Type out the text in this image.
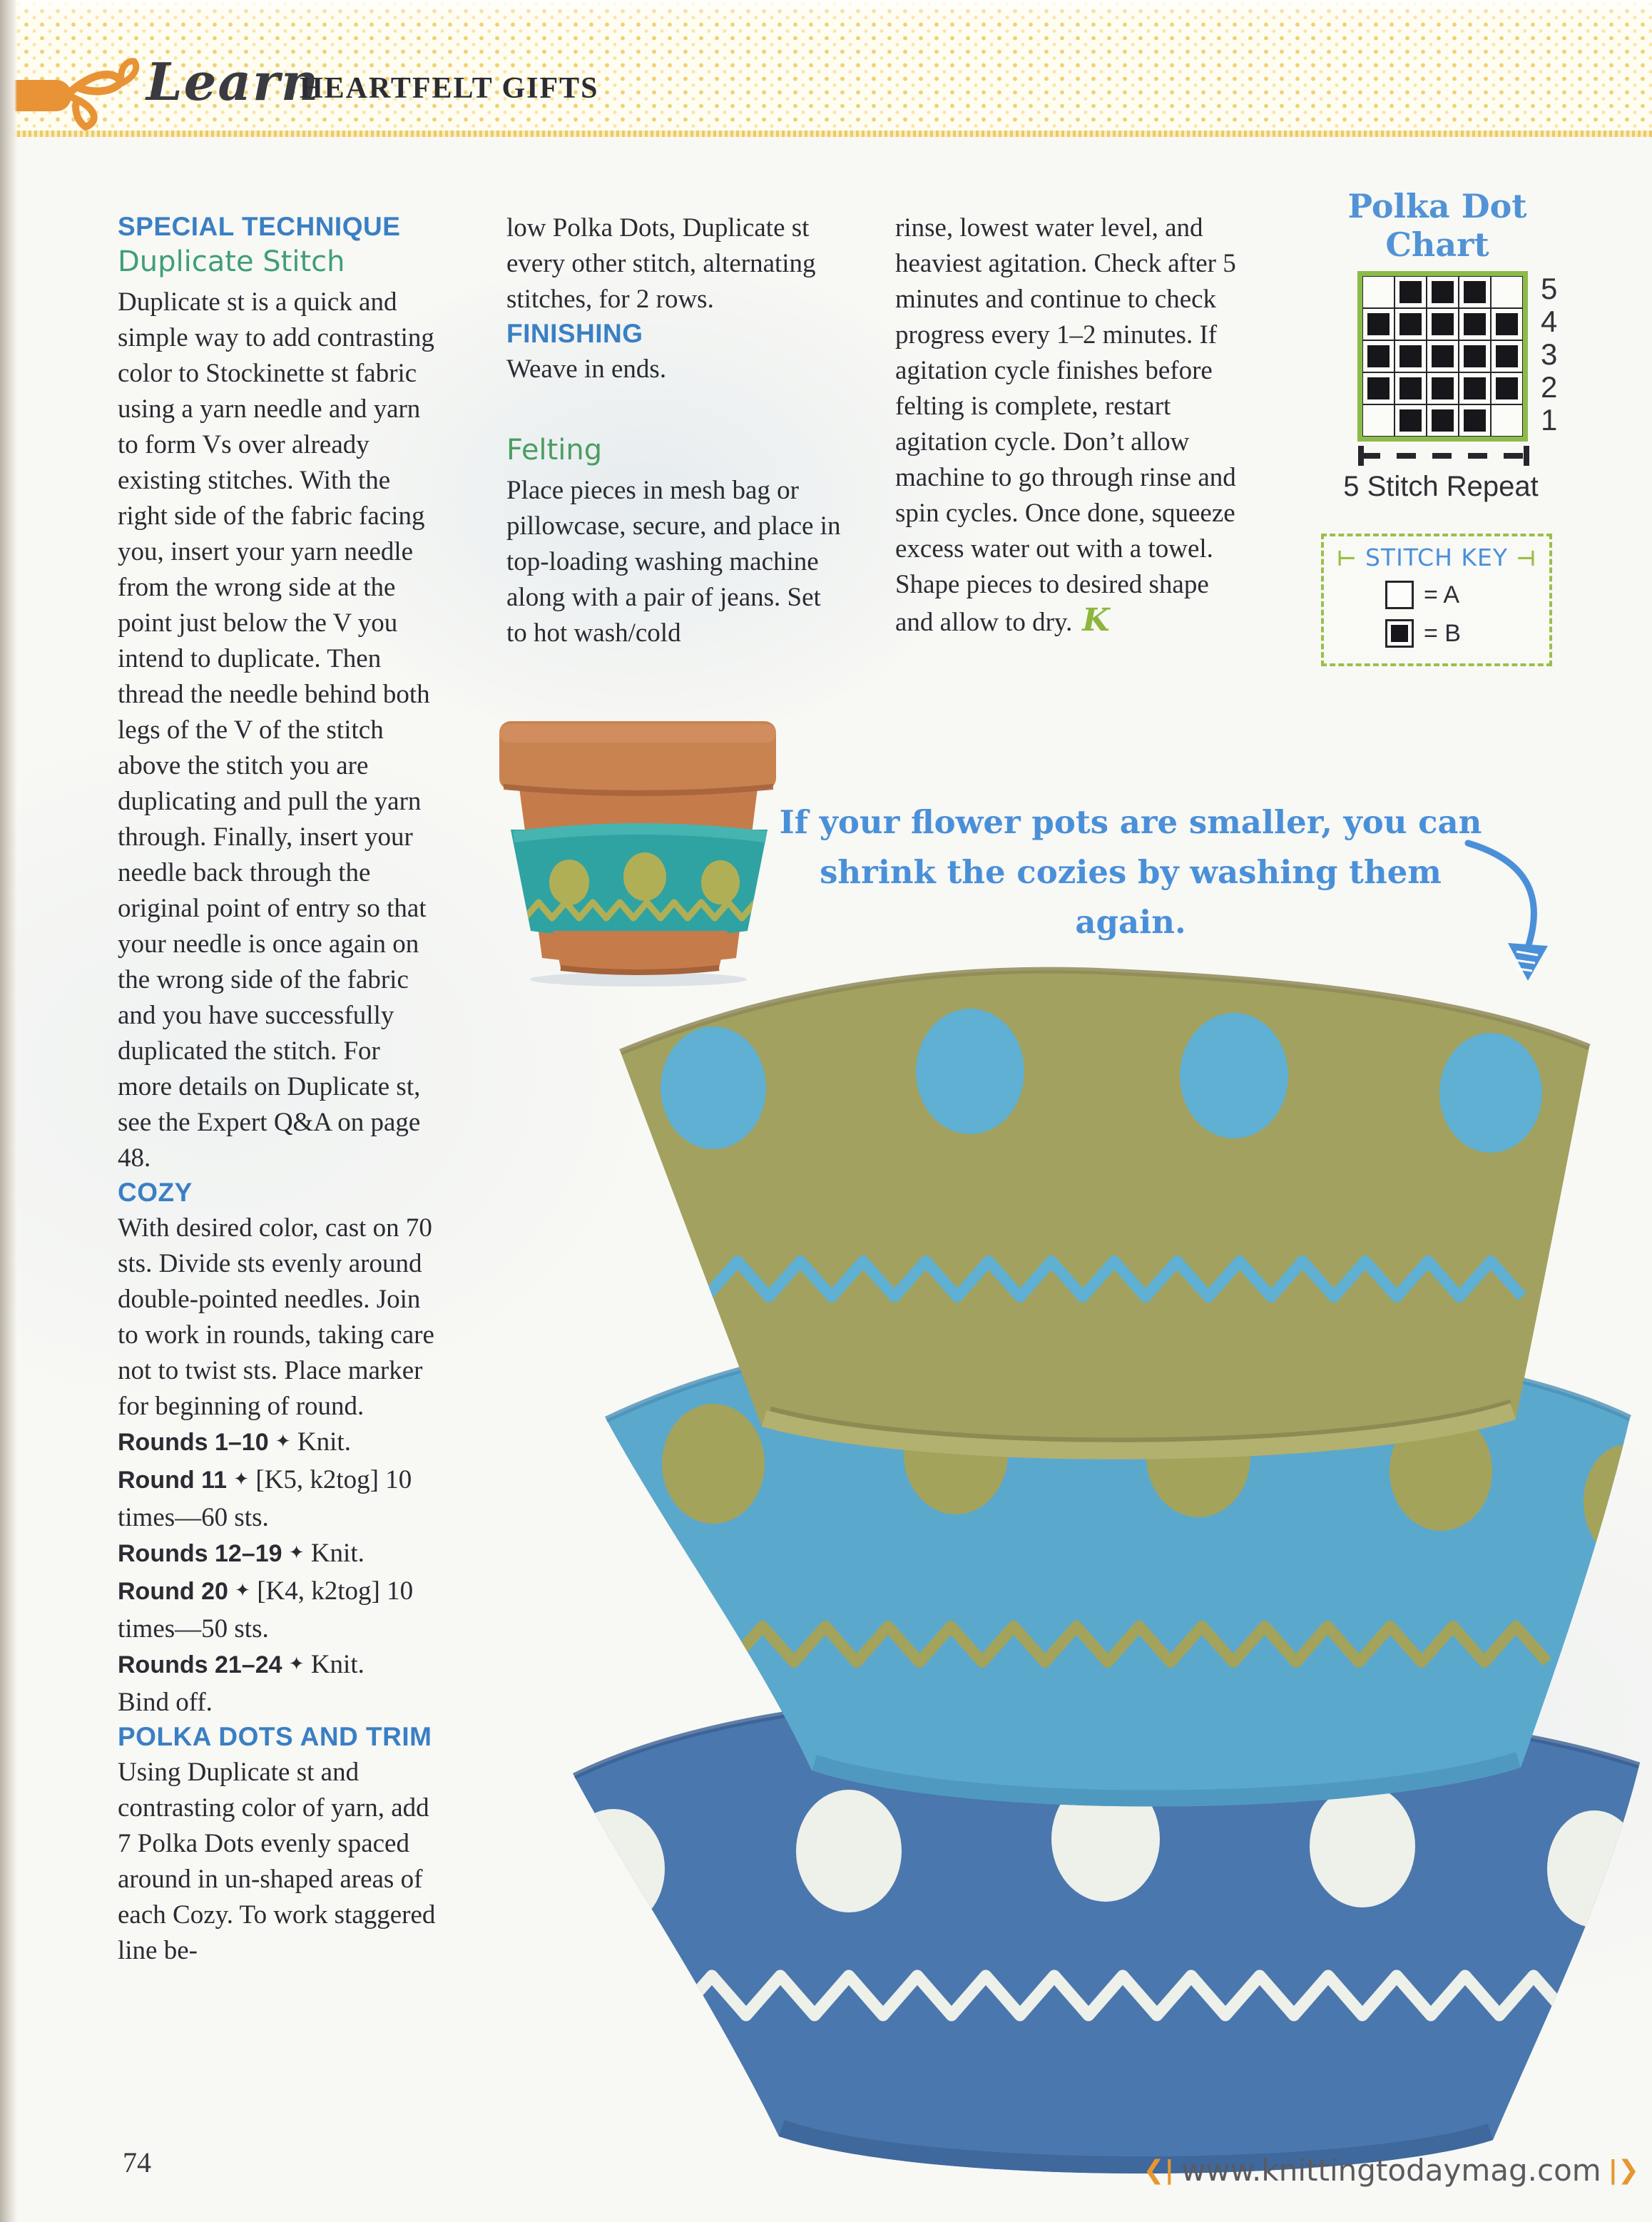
Learn
HEARTFELT GIFTS

SPECIAL TECHNIQUE

Duplicate Stitch

Duplicate st is a quick and simple way to add contrasting color to Stockinette st fabric using a yarn needle and yarn to form Vs over already existing stitches. With the right side of the fabric facing you, insert your yarn needle from the wrong side at the point just below the V you intend to duplicate. Then thread the needle behind both legs of the V of the stitch above the stitch you are duplicating and pull the yarn through. Finally, insert your needle back through the original point of entry so that your needle is once again on the wrong side of the fabric and you have successfully duplicated the stitch. For more details on Duplicate st, see the Expert Q&A on page 48.

COZY

With desired color, cast on 70 sts. Divide sts evenly around double-pointed needles. Join to work in rounds, taking care not to twist sts. Place marker for beginning of round.

Rounds 1–10 ✦ Knit.
Round 11 ✦ [K5, k2tog] 10 times—60 sts.
Rounds 12–19 ✦ Knit.
Round 20 ✦ [K4, k2tog] 10 times—50 sts.
Rounds 21–24 ✦ Knit.

Bind off.

POLKA DOTS AND TRIM

Using Duplicate st and contrasting color of yarn, add 7 Polka Dots evenly spaced around in un-shaped areas of each Cozy. To work staggered line be-

low Polka Dots, Duplicate st every other stitch, alternating stitches, for 2 rows.

FINISHING

Weave in ends.

Felting

Place pieces in mesh bag or pillowcase, secure, and place in top-loading washing machine along with a pair of jeans. Set to hot wash/cold

rinse, lowest water level, and heaviest agitation. Check after 5 minutes and continue to check progress every 1–2 minutes. If agitation cycle finishes before felting is complete, restart agitation cycle. Don’t allow machine to go through rinse and spin cycles. Once done, squeeze excess water out with a towel. Shape pieces to desired shape and allow to dry. K

Polka Dot
Chart
5
4
3
2
1
5 Stitch Repeat
⊢ STITCH KEY ⊣
= A
= B
If your flower pots are smaller, you can
shrink the cozies by washing them again.
74	❮| www.knittingtodaymag.com |❯
